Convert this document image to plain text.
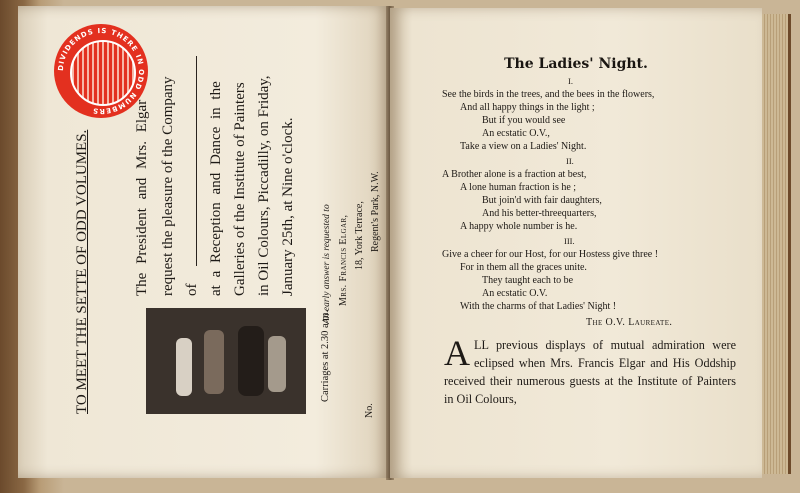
DIVIDENDS IS THERE IN ODD NUMBERS
TO MEET THE SETTE OF ODD VOLUMES.	The President and Mrs. Elgar request the pleasure of the Company of at a Reception and Dance in the Galleries of the Institute of Painters in Oil Colours, Piccadilly, on Friday, January 25th, at Nine o'clock.	An early answer is requested to Mrs. Francis Elgar, 18, York Terrace, Regent's Park, N.W.
Carriages at 2.30 a.m.
No.
The Ladies' Night.
I.
See the birds in the trees, and the bees in the flowers,
And all happy things in the light ;
But if you would see
An ecstatic O.V.,
Take a view on a Ladies' Night.
II.
A Brother alone is a fraction at best,
A lone human fraction is he ;
But join'd with fair daughters,
And his better-threequarters,
A happy whole number is he.
III.
Give a cheer for our Host, for our Hostess give three !
For in them all the graces unite.
They taught each to be
An ecstatic O.V.
With the charms of that Ladies' Night !
The O.V. Laureate.
ALL previous displays of mutual admiration were eclipsed when Mrs. Francis Elgar and His Oddship received their numerous guests at the Institute of Painters in Oil Colours,
